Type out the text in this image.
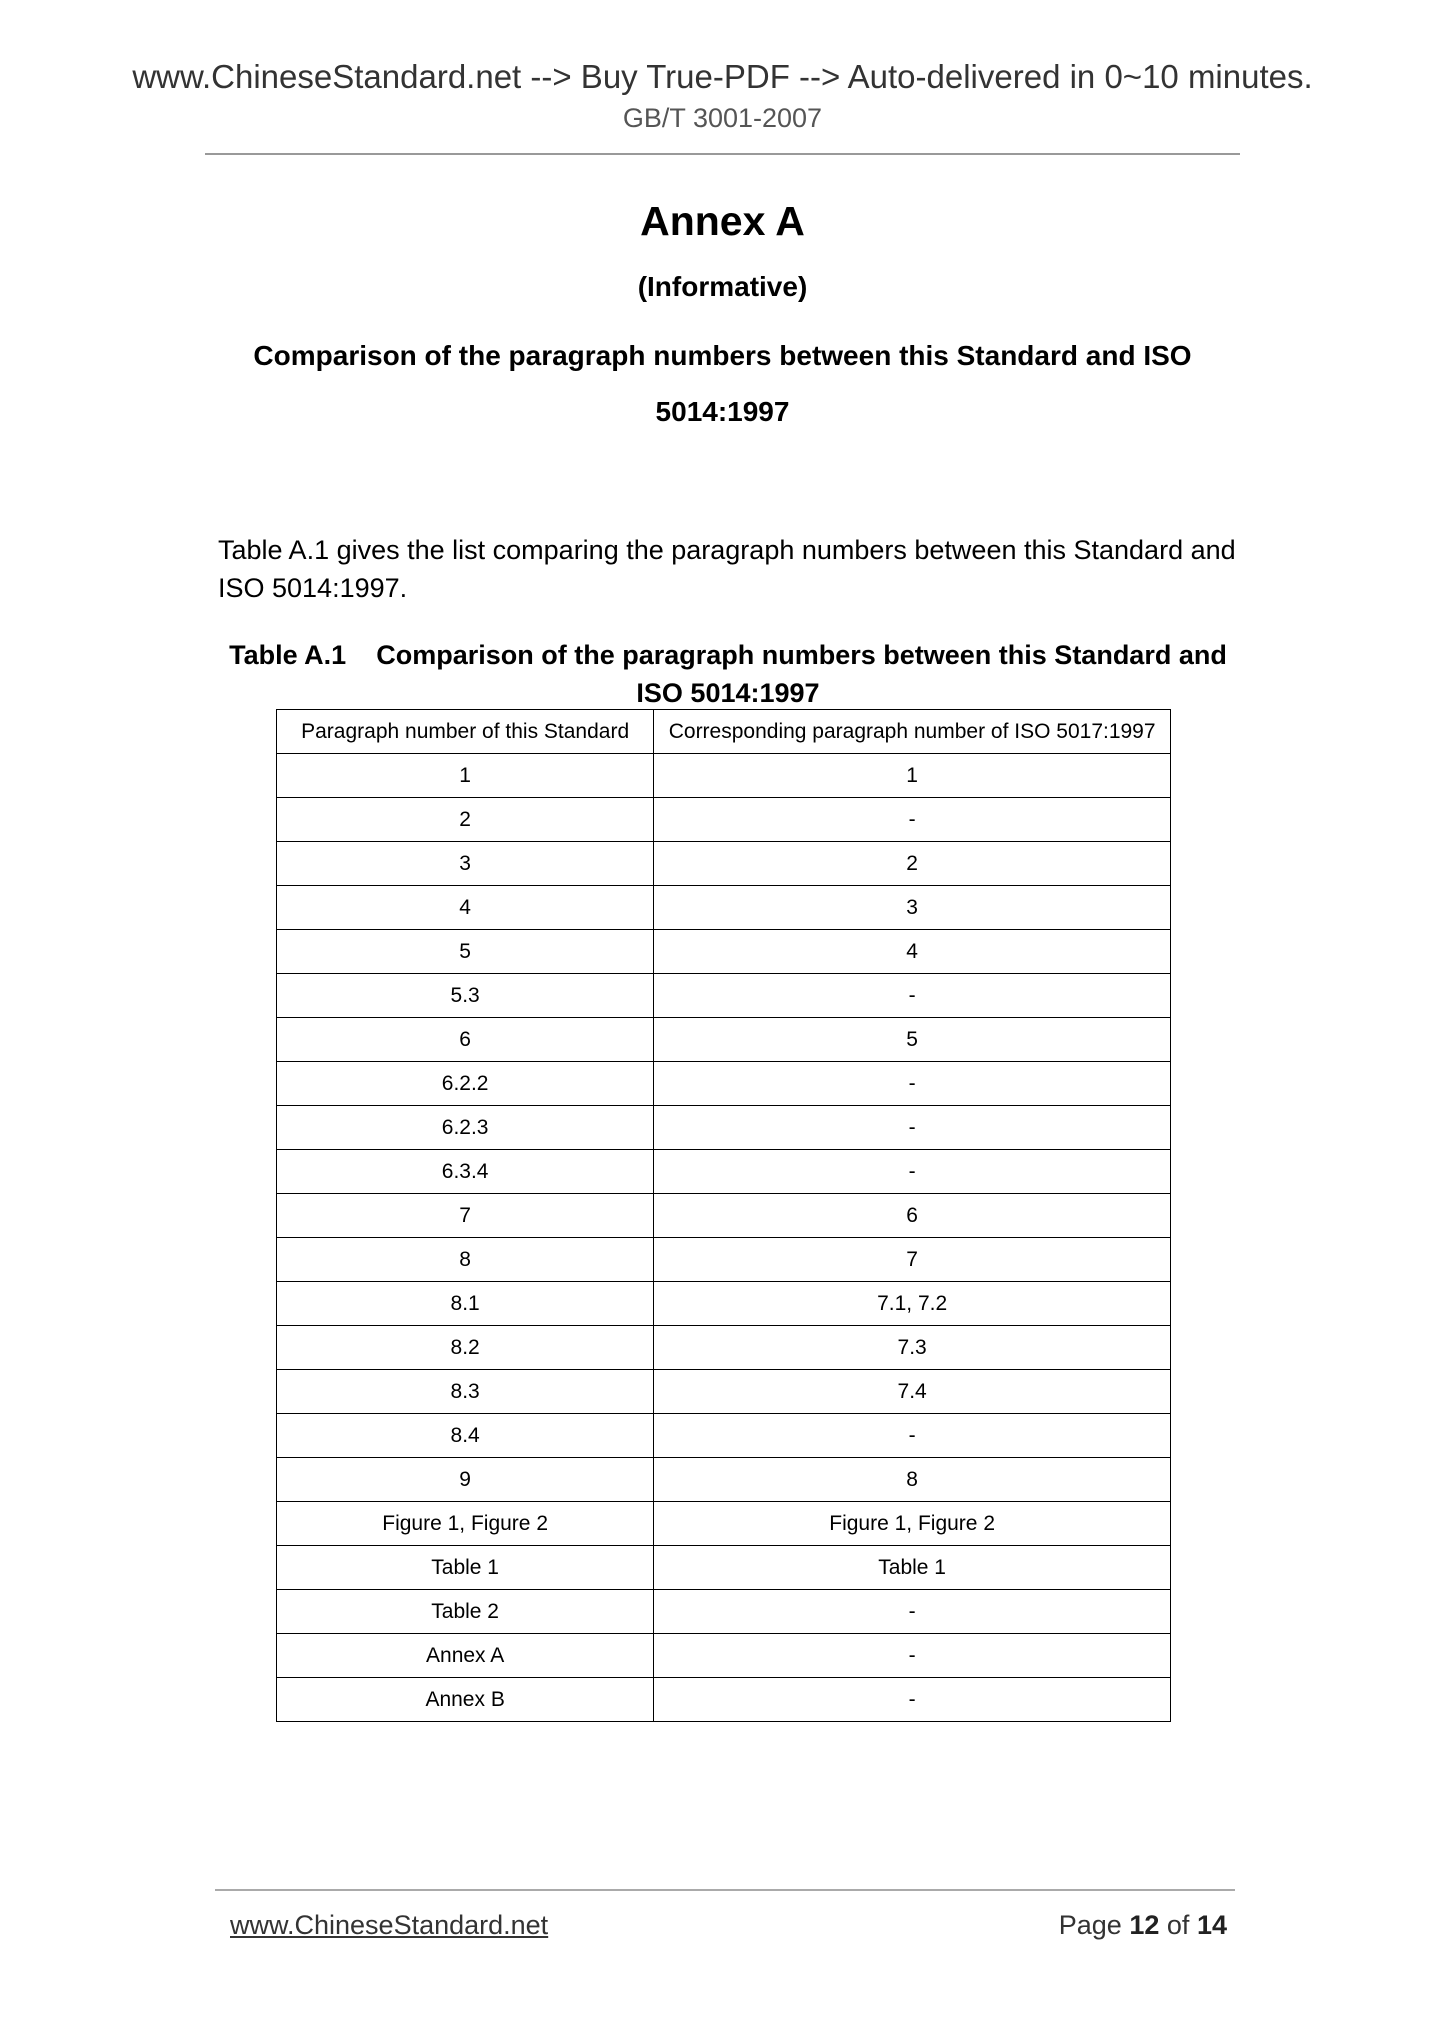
www.ChineseStandard.net --> Buy True-PDF --> Auto-delivered in 0~10 minutes.
GB/T 3001-2007
Annex A
(Informative)
Comparison of the paragraph numbers between this Standard and ISO
5014:1997
Table A.1 gives the list comparing the paragraph numbers between this Standard and
ISO 5014:1997.
Table A.1    Comparison of the paragraph numbers between this Standard and
ISO 5014:1997
Paragraph number of this Standard	Corresponding paragraph number of ISO 5017:1997
1	1
2	-
3	2
4	3
5	4
5.3	-
6	5
6.2.2	-
6.2.3	-
6.3.4	-
7	6
8	7
8.1	7.1, 7.2
8.2	7.3
8.3	7.4
8.4	-
9	8
Figure 1, Figure 2	Figure 1, Figure 2
Table 1	Table 1
Table 2	-
Annex A	-
Annex B	-
www.ChineseStandard.net	Page 12 of 14
